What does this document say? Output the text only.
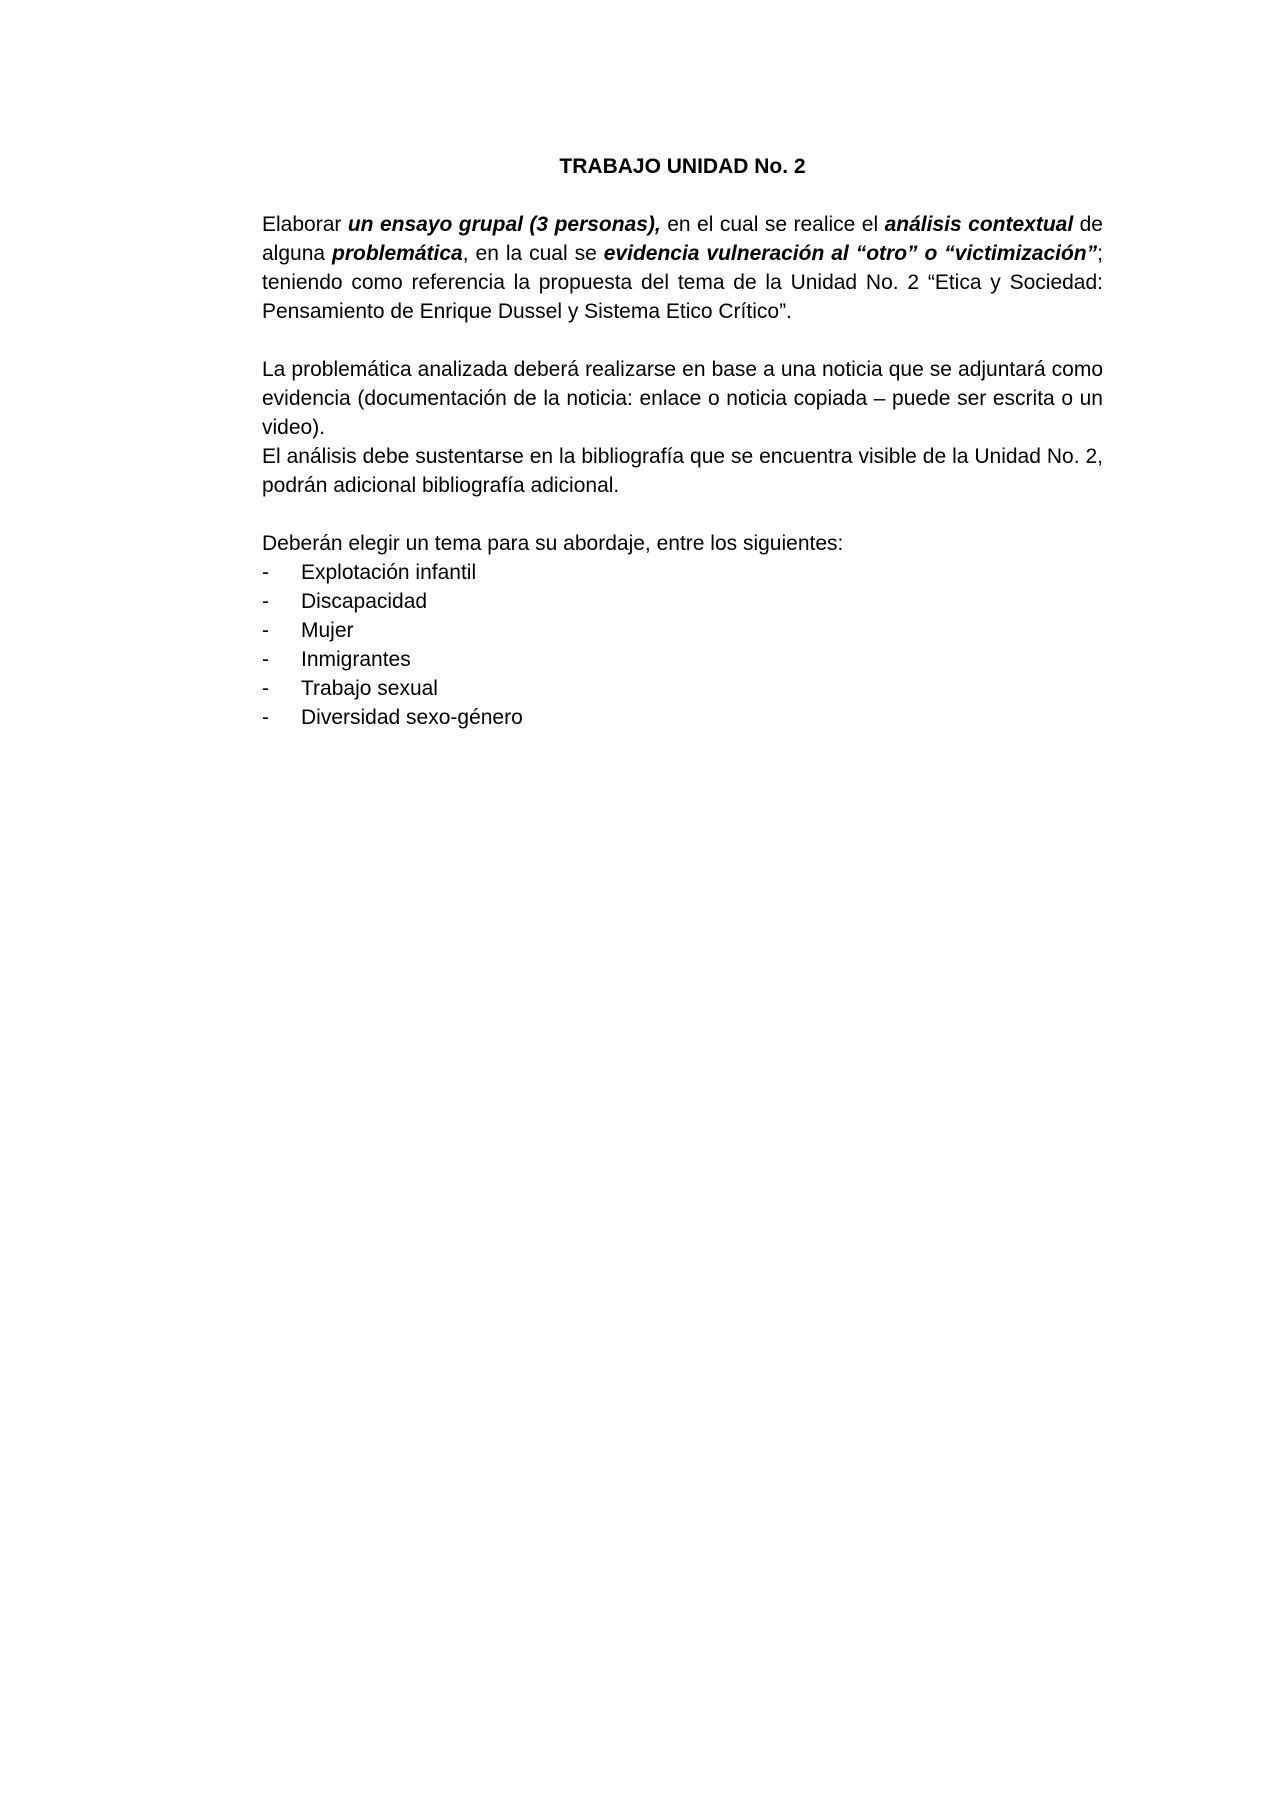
TRABAJO UNIDAD No. 2

Elaborar un ensayo grupal (3 personas), en el cual se realice el análisis contextual de alguna problemática, en la cual se evidencia vulneración al “otro” o “victimización”; teniendo como referencia la propuesta del tema de la Unidad No. 2 “Etica y Sociedad: Pensamiento de Enrique Dussel y Sistema Etico Crítico”.

La problemática analizada deberá realizarse en base a una noticia que se adjuntará como evidencia (documentación de la noticia: enlace o noticia copiada – puede ser escrita o un video).

El análisis debe sustentarse en la bibliografía que se encuentra visible de la Unidad No. 2, podrán adicional bibliografía adicional.

Deberán elegir un tema para su abordaje, entre los siguientes:

-	Explotación infantil
-	Discapacidad
-	Mujer
-	Inmigrantes
-	Trabajo sexual
-	Diversidad sexo-género
